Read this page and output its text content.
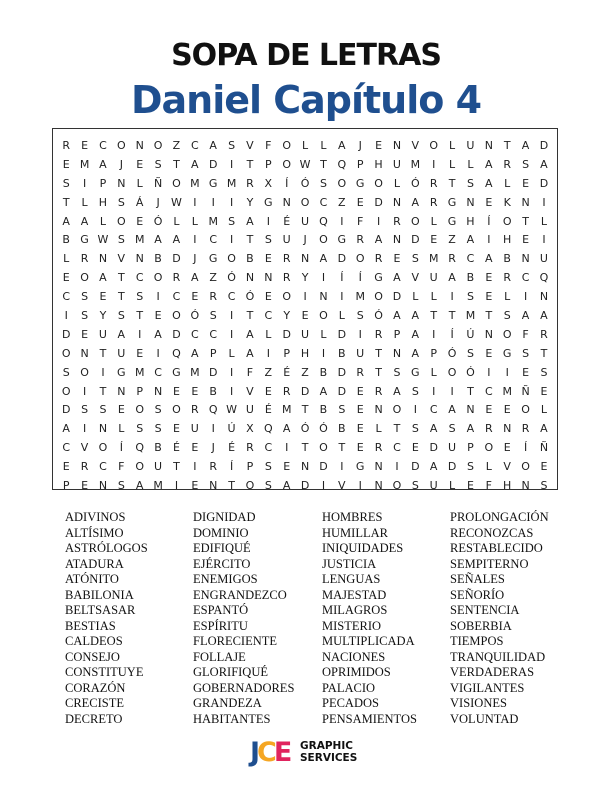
SOPA DE LETRAS
Daniel Capítulo 4
R	E	C O N O Z C A	S	V	F O L	L	A	J	E N V O L	U N T	A D
E M A	J	E	S	T	A D	I	T	P O W T Q P H U M	I	L	L	A R	S	A
S	I	P N	L	Ñ O M G M R X	Í	Ó S O G O L Ó R	T	S	A	L	E D
T	L	H S	Á	J	W	I	I	I	Y G N O C Z	E D N A R G N E	K N	I
A A	L O E Ó L	L M S	A	I	É U Q	I	F	I	R O L	G H	Í	O T	L
B G W S M A A	I	C	I	T	S U	J	O G R A N D E	Z A	I	H E	I
L	R N V N B D	J	G O B	E	R N A D O R	E	S M R C A B N U
E O A	T	C O R A Z Ó N N R	Y	I	Í	Í	G A V U A B	E	R C Q
C	S	E	T	S	I	C	E	R C Ó E O	I	N	I	M O D	L	L	I	S	E	L	I	N
I	S	Y	S	T	E O Ó S	I	T	C	Y	E O L	S Ó A A	T	T M T	S	A A
D E U A	I	A D C C	I	A	L	D U	L	D	I	R	P	A	I	Í	Ú N O F	R
O N T U E	I	Q A	P	L	A	I	P H	I	B U T N A	P Ó S	E G S	T
S O	I	G M C G M D	I	F	Z	É	Z B D R	T	S G	L O Ó	I	I	E	S
O	I	T N P N E	E	B	I	V	E	R D A D E	R A	S	I	I	T	C M Ñ E
D S	S	E O S O R Q W U É M T	B	S	E N O	I	C A N E	E O L
A	I	N	L	S	S	E U	I	Ú X Q A Ó Ó B	E	L	T	S	A	S	A R N R A
C V O	Í	Q B	É	E	J	É	R C	I	T O T	E	R C	E D U	P O E	Í	Ñ
E	R C	F O U T	I	R	Í	P	S	E N D	I	G N	I	D A D S	L	V O E
P	E N S	A M	I	E N T O S	A D	I	V	I	N O S U	L	E	F	H N S
ADIVINOS
ALTÍSIMO
ASTRÓLOGOS
ATADURA
ATÓNITO
BABILONIA
BELTSASAR
BESTIAS
CALDEOS
CONSEJO
CONSTITUYE
CORAZÓN
CRECISTE
DECRETO
DIGNIDAD
DOMINIO
EDIFIQUÉ
EJÉRCITO
ENEMIGOS
ENGRANDEZCO
ESPANTÓ
ESPÍRITU
FLORECIENTE
FOLLAJE
GLORIFIQUÉ
GOBERNADORES
GRANDEZA
HABITANTES
HOMBRES
HUMILLAR
INIQUIDADES
JUSTICIA
LENGUAS
MAJESTAD
MILAGROS
MISTERIO
MULTIPLICADA
NACIONES
OPRIMIDOS
PALACIO
PECADOS
PENSAMIENTOS
PROLONGACIÓN
RECONOZCAS
RESTABLECIDO
SEMPITERNO
SEÑALES
SEÑORÍO
SENTENCIA
SOBERBIA
TIEMPOS
TRANQUILIDAD
VERDADERAS
VIGILANTES
VISIONES
VOLUNTAD
JCE GRAPHIC
SERVICES
